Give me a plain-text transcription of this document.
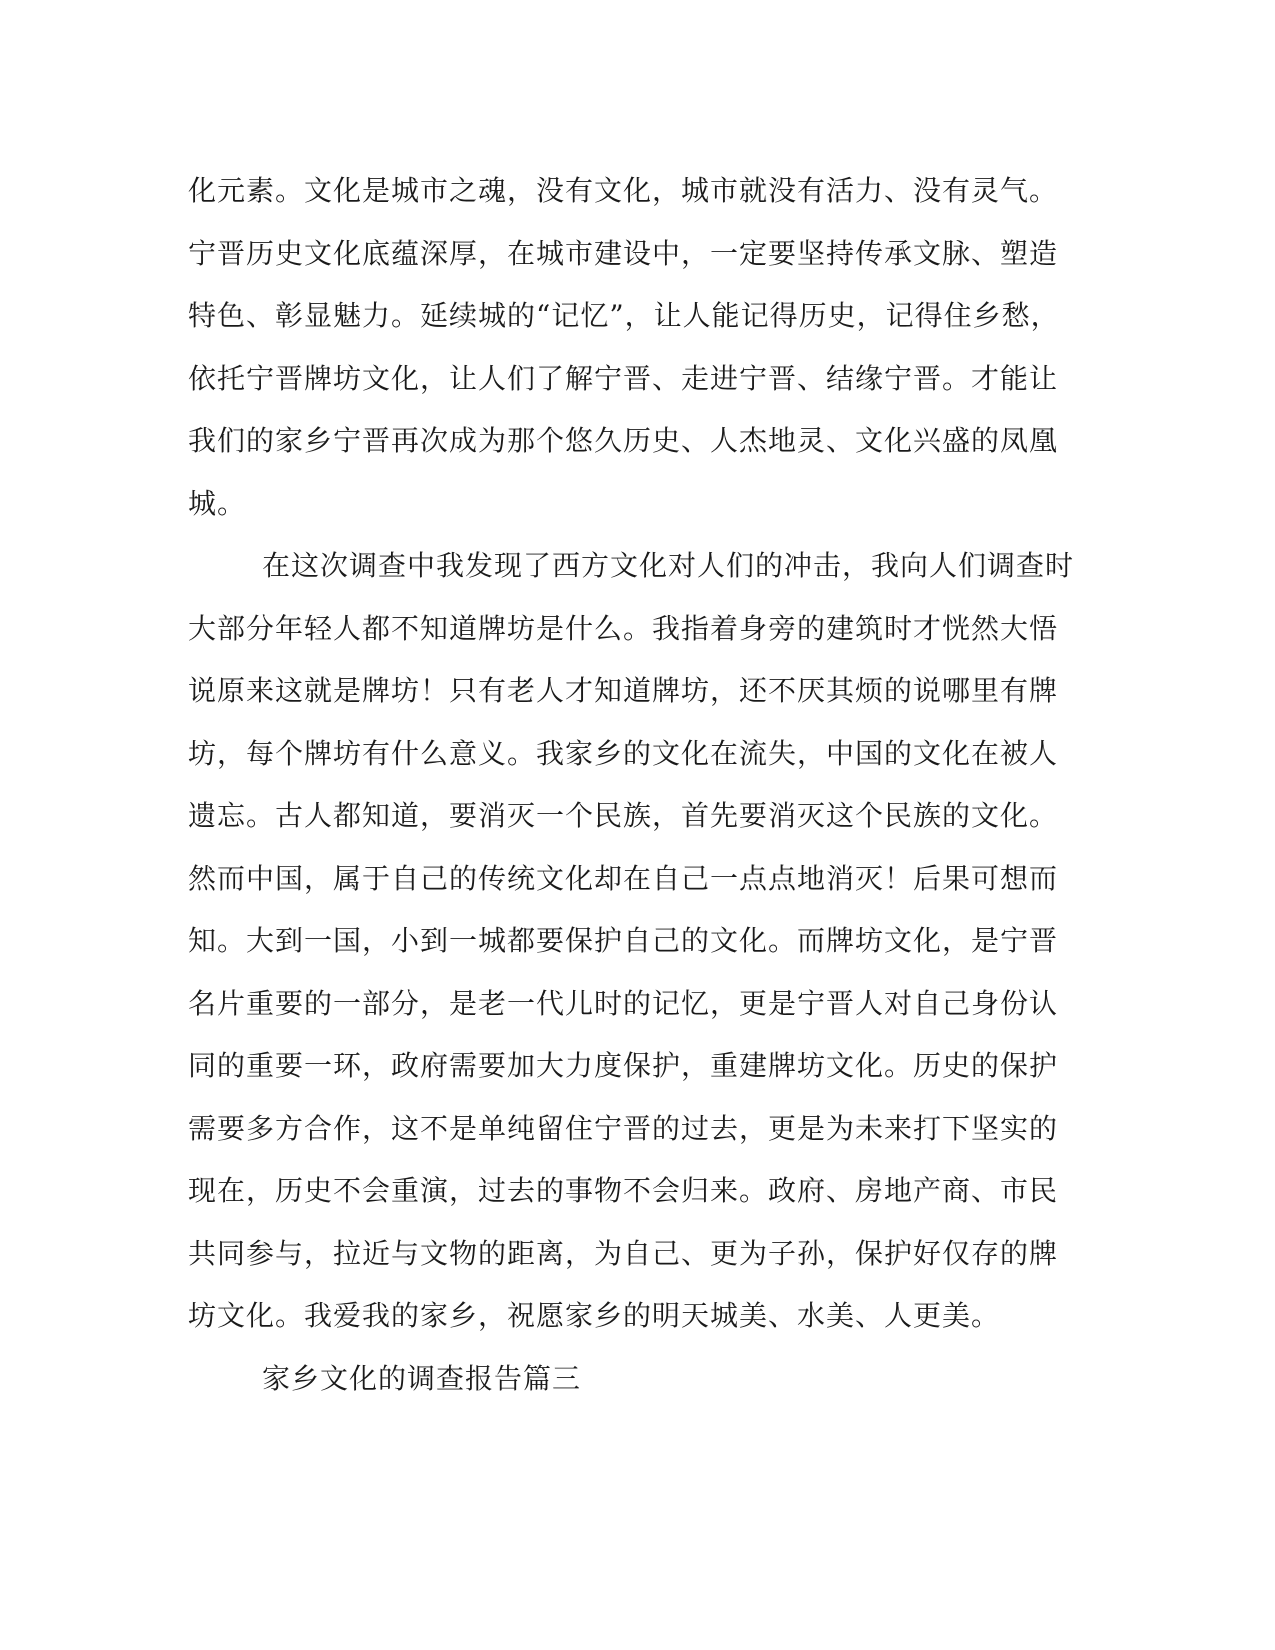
化元素。文化是城市之魂，没有文化，城市就没有活力、没有灵气。
宁晋历史文化底蕴深厚，在城市建设中，一定要坚持传承文脉、塑造
特色、彰显魅力。延续城的“记忆”，让人能记得历史，记得住乡愁，
依托宁晋牌坊文化，让人们了解宁晋、走进宁晋、结缘宁晋。才能让
我们的家乡宁晋再次成为那个悠久历史、人杰地灵、文化兴盛的凤凰
城。
在这次调查中我发现了西方文化对人们的冲击，我向人们调查时
大部分年轻人都不知道牌坊是什么。我指着身旁的建筑时才恍然大悟
说原来这就是牌坊！只有老人才知道牌坊，还不厌其烦的说哪里有牌
坊，每个牌坊有什么意义。我家乡的文化在流失，中国的文化在被人
遗忘。古人都知道，要消灭一个民族，首先要消灭这个民族的文化。
然而中国，属于自己的传统文化却在自己一点点地消灭！后果可想而
知。大到一国，小到一城都要保护自己的文化。而牌坊文化，是宁晋
名片重要的一部分，是老一代儿时的记忆，更是宁晋人对自己身份认
同的重要一环，政府需要加大力度保护，重建牌坊文化。历史的保护
需要多方合作，这不是单纯留住宁晋的过去，更是为未来打下坚实的
现在，历史不会重演，过去的事物不会归来。政府、房地产商、市民
共同参与，拉近与文物的距离，为自己、更为子孙，保护好仅存的牌
坊文化。我爱我的家乡，祝愿家乡的明天城美、水美、人更美。
家乡文化的调查报告篇三
